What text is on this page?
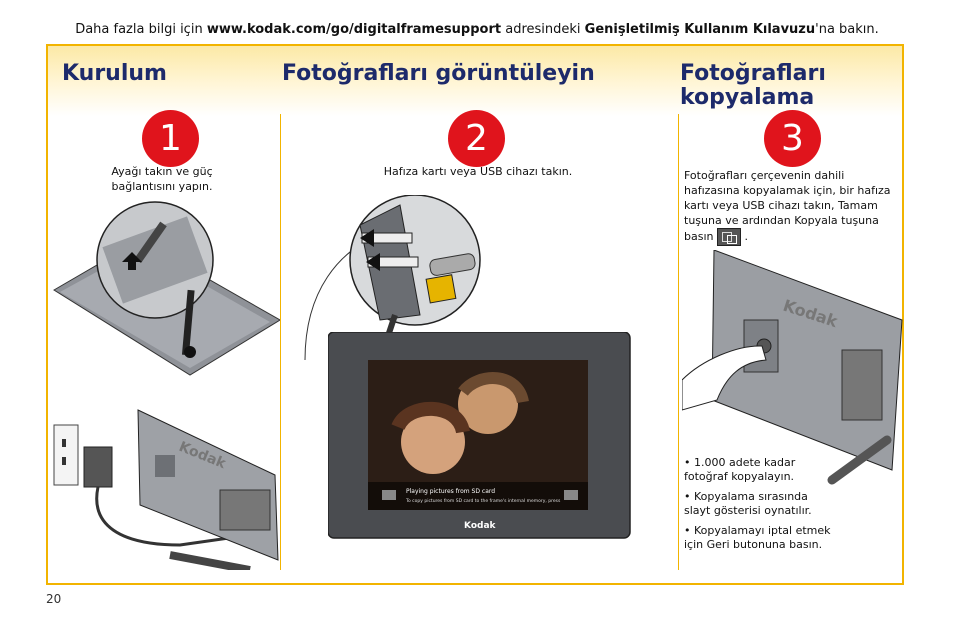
Daha fazla bilgi için www.kodak.com/go/digitalframesupport adresindeki Genişletilmiş Kullanım Kılavuzu'na bakın.
Kurulum	Fotoğrafları görüntüleyin	Fotoğrafları kopyalama
1	2	3
Ayağı takın ve güç bağlantısını yapın.
Hafıza kartı veya USB cihazı takın.	Fotoğrafları çerçevenin dahili hafızasına kopyalamak için, bir hafıza kartı veya USB cihazı takın, Tamam tuşuna ve ardından Kopyala tuşuna basın	.
• 1.000 adete kadar fotoğraf kopyalayın.
• Kopyalama sırasında slayt gösterisi oynatılır.
• Kopyalamayı iptal etmek için Geri butonuna basın.
Kodak
Playing pictures from SD card
To copy pictures from SD card to the frame's internal memory, press
Kodak
Kodak
20
